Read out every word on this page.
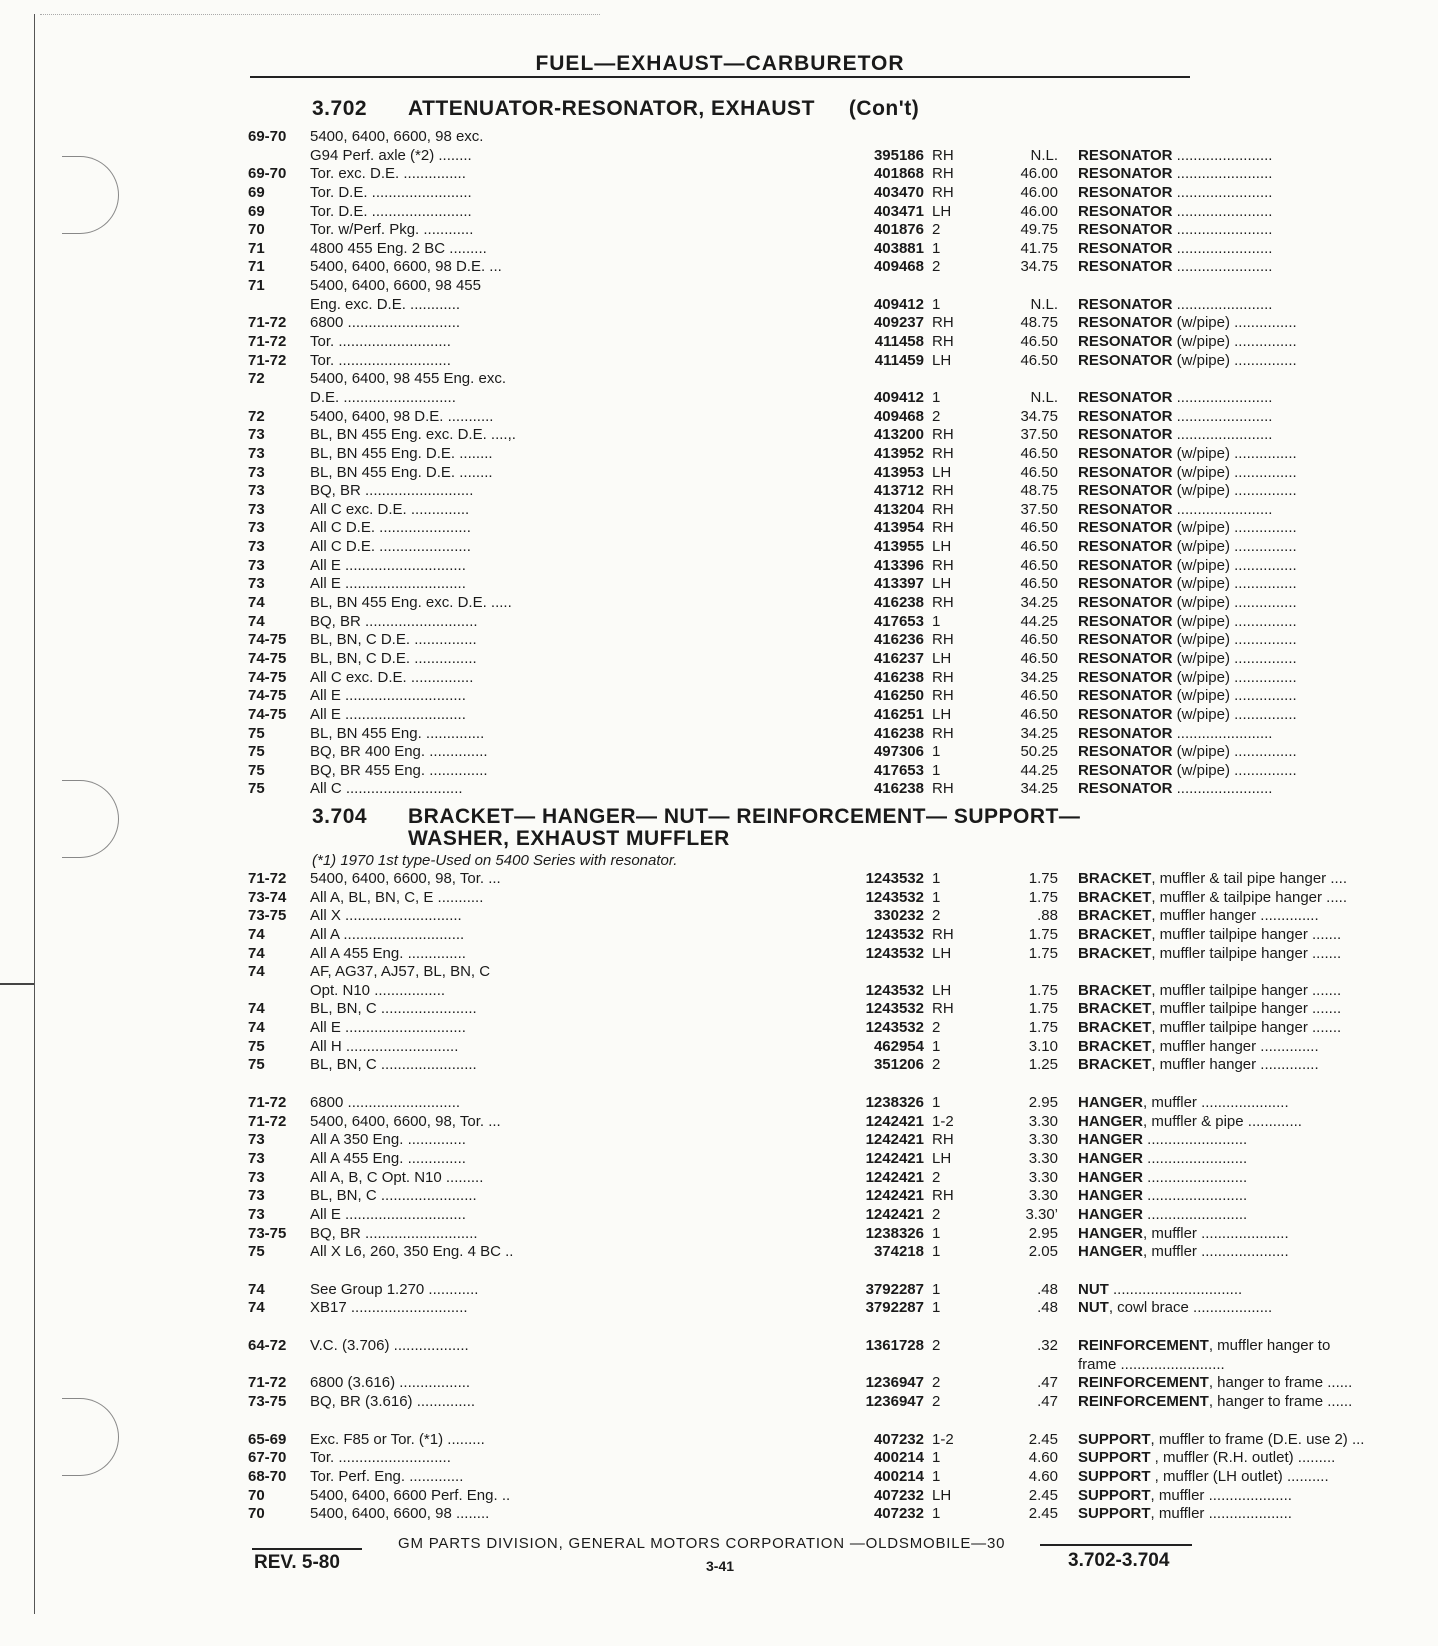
FUEL—EXHAUST—CARBURETOR
3.702 ATTENUATOR-RESONATOR, EXHAUST (Con't)
69-70	5400, 6400, 6600, 98 exc.
G94 Perf. axle (*2) ........	395186 RH	N.L. RESONATOR .......................
69-70	Tor. exc. D.E. ...............	401868 RH	46.00 RESONATOR .......................
69	Tor. D.E. ........................	403470 RH	46.00 RESONATOR .......................
69	Tor. D.E. ........................	403471 LH	46.00 RESONATOR .......................
70	Tor. w/Perf. Pkg. ............	401876 2	49.75 RESONATOR .......................
71	4800 455 Eng. 2 BC .........	403881 1	41.75 RESONATOR .......................
71	5400, 6400, 6600, 98 D.E. ...	409468 2	34.75 RESONATOR .......................
71	5400, 6400, 6600, 98 455
Eng. exc. D.E. ............	409412 1	N.L. RESONATOR .......................
71-72	6800 ...........................	409237 RH	48.75 RESONATOR (w/pipe) ...............
71-72	Tor. ...........................	411458 RH	46.50 RESONATOR (w/pipe) ...............
71-72	Tor. ...........................	411459 LH	46.50 RESONATOR (w/pipe) ...............
72	5400, 6400, 98 455 Eng. exc.
D.E. ...........................	409412 1	N.L. RESONATOR .......................
72	5400, 6400, 98 D.E. ...........	409468 2	34.75 RESONATOR .......................
73	BL, BN 455 Eng. exc. D.E. ....,.	413200 RH	37.50 RESONATOR .......................
73	BL, BN 455 Eng. D.E. ........	413952 RH	46.50 RESONATOR (w/pipe) ...............
73	BL, BN 455 Eng. D.E. ........	413953 LH	46.50 RESONATOR (w/pipe) ...............
73	BQ, BR ..........................	413712 RH	48.75 RESONATOR (w/pipe) ...............
73	All C exc. D.E. ..............	413204 RH	37.50 RESONATOR .......................
73	All C D.E. ......................	413954 RH	46.50 RESONATOR (w/pipe) ...............
73	All C D.E. ......................	413955 LH	46.50 RESONATOR (w/pipe) ...............
73	All E .............................	413396 RH	46.50 RESONATOR (w/pipe) ...............
73	All E .............................	413397 LH	46.50 RESONATOR (w/pipe) ...............
74	BL, BN 455 Eng. exc. D.E. .....	416238 RH	34.25 RESONATOR (w/pipe) ...............
74	BQ, BR ...........................	417653 1	44.25 RESONATOR (w/pipe) ...............
74-75	BL, BN, C D.E. ...............	416236 RH	46.50 RESONATOR (w/pipe) ...............
74-75	BL, BN, C D.E. ...............	416237 LH	46.50 RESONATOR (w/pipe) ...............
74-75	All C exc. D.E. ...............	416238 RH	34.25 RESONATOR (w/pipe) ...............
74-75	All E .............................	416250 RH	46.50 RESONATOR (w/pipe) ...............
74-75	All E .............................	416251 LH	46.50 RESONATOR (w/pipe) ...............
75	BL, BN 455 Eng. ..............	416238 RH	34.25 RESONATOR .......................
75	BQ, BR 400 Eng. ..............	497306 1	50.25 RESONATOR (w/pipe) ...............
75	BQ, BR 455 Eng. ..............	417653 1	44.25 RESONATOR (w/pipe) ...............
75	All C ............................	416238 RH	34.25 RESONATOR .......................
3.704 BRACKET— HANGER— NUT— REINFORCEMENT— SUPPORT—
WASHER, EXHAUST MUFFLER
(*1) 1970 1st type-Used on 5400 Series with resonator.
71-72	5400, 6400, 6600, 98, Tor. ...	1243532 1	1.75 BRACKET, muffler & tail pipe hanger ....
73-74	All A, BL, BN, C, E ...........	1243532 1	1.75 BRACKET, muffler & tailpipe hanger .....
73-75	All X ............................	330232 2	.88 BRACKET, muffler hanger ..............
74	All A .............................	1243532 RH	1.75 BRACKET, muffler tailpipe hanger .......
74	All A 455 Eng. ..............	1243532 LH	1.75 BRACKET, muffler tailpipe hanger .......
74	AF, AG37, AJ57, BL, BN, C
Opt. N10 .................	1243532 LH	1.75 BRACKET, muffler tailpipe hanger .......
74	BL, BN, C .......................	1243532 RH	1.75 BRACKET, muffler tailpipe hanger .......
74	All E .............................	1243532 2	1.75 BRACKET, muffler tailpipe hanger .......
75	All H ...........................	462954 1	3.10 BRACKET, muffler hanger ..............
75	BL, BN, C .......................	351206 2	1.25 BRACKET, muffler hanger ..............
71-72	6800 ...........................	1238326 1	2.95 HANGER, muffler .....................
71-72	5400, 6400, 6600, 98, Tor. ...	1242421 1-2	3.30 HANGER, muffler & pipe .............
73	All A 350 Eng. ..............	1242421 RH	3.30 HANGER ........................
73	All A 455 Eng. ..............	1242421 LH	3.30 HANGER ........................
73	All A, B, C Opt. N10 .........	1242421 2	3.30 HANGER ........................
73	BL, BN, C .......................	1242421 RH	3.30 HANGER ........................
73	All E .............................	1242421 2	3.30’ HANGER ........................
73-75	BQ, BR ...........................	1238326 1	2.95 HANGER, muffler .....................
75	All X L6, 260, 350 Eng. 4 BC ..	374218 1	2.05 HANGER, muffler .....................
74	See Group 1.270 ............	3792287 1	.48 NUT ...............................
74	XB17 ............................	3792287 1	.48 NUT, cowl brace ...................
64-72	V.C. (3.706) ..................	1361728 2	.32 REINFORCEMENT, muffler hanger to
frame .........................
71-72	6800 (3.616) .................	1236947 2	.47 REINFORCEMENT, hanger to frame ......
73-75	BQ, BR (3.616) ..............	1236947 2	.47 REINFORCEMENT, hanger to frame ......
65-69	Exc. F85 or Tor. (*1) .........	407232 1-2	2.45 SUPPORT, muffler to frame (D.E. use 2) ...
67-70	Tor. ...........................	400214 1	4.60 SUPPORT , muffler (R.H. outlet) .........
68-70	Tor. Perf. Eng. .............	400214 1	4.60 SUPPORT , muffler (LH outlet) ..........
70	5400, 6400, 6600 Perf. Eng. ..	407232 LH	2.45 SUPPORT, muffler ....................
70	5400, 6400, 6600, 98 ........	407232 1	2.45 SUPPORT, muffler ....................
GM PARTS DIVISION, GENERAL MOTORS CORPORATION —OLDSMOBILE—30
REV. 5-80	3-41	3.702-3.704
